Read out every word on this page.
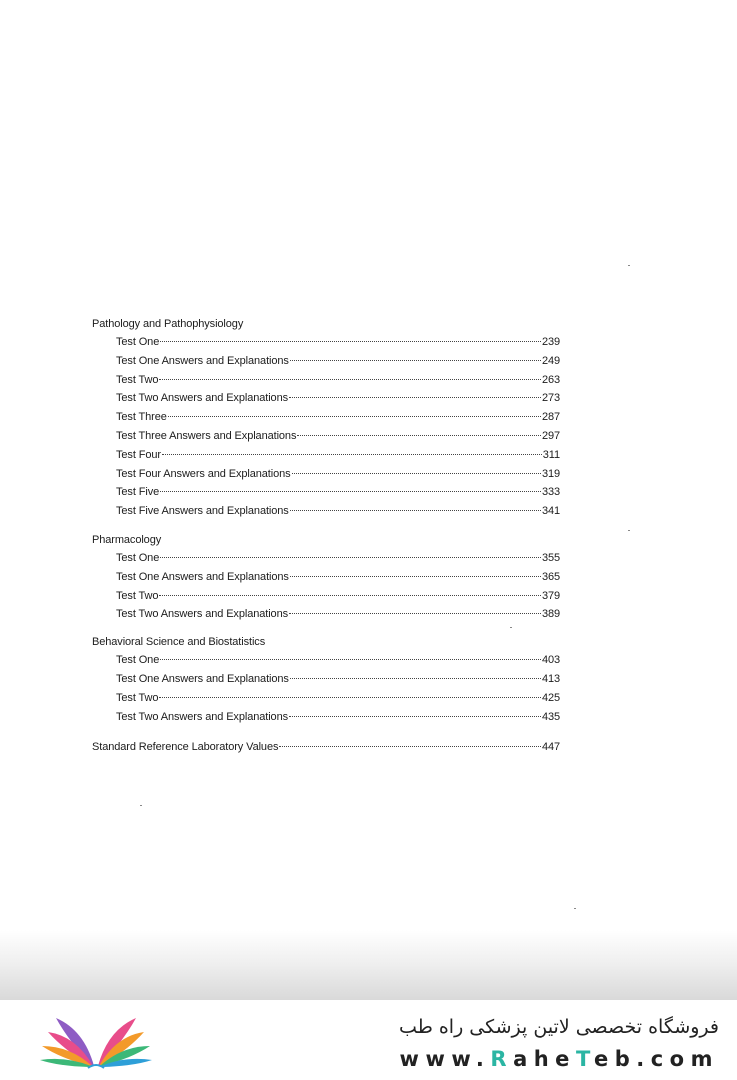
Pathology and Pathophysiology
Test One	239
Test One Answers and Explanations	249
Test Two	263
Test Two Answers and Explanations	273
Test Three	287
Test Three Answers and Explanations	297
Test Four	311
Test Four Answers and Explanations	319
Test Five	333
Test Five Answers and Explanations	341
Pharmacology
Test One	355
Test One Answers and Explanations	365
Test Two	379
Test Two Answers and Explanations	389
Behavioral Science and Biostatistics
Test One	403
Test One Answers and Explanations	413
Test Two	425
Test Two Answers and Explanations	435
Standard Reference Laboratory Values	447
فروشگاه تخصصی لاتین پزشکی راه طب
www.RaheTeb.com
